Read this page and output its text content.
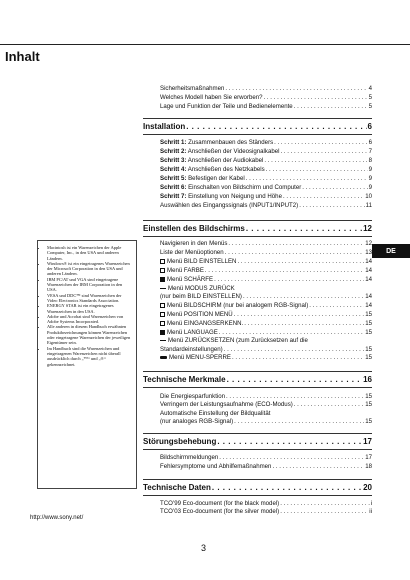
Inhalt
Sicherheitsmaßnahmen . . .	4
Welches Modell haben Sie erworben? . . .	5
Lage und Funktion der Teile und Bedienelemente . . .	5
Installation . . .	6
Schritt 1: Zusammenbauen des Ständers . . .	6
Schritt 2: Anschließen der Videosignalkabel . . .	7
Schritt 3: Anschließen der Audiokabel . . .	8
Schritt 4: Anschließen des Netzkabels . . .	9
Schritt 5: Befestigen der Kabel . . .	9
Schritt 6: Einschalten von Bildschirm und Computer . . .	9
Schritt 7: Einstellung von Neigung und Höhe . . .	10
Auswählen des Eingangssignals (INPUT1/INPUT2) . . .	11
Einstellen des Bildschirms . . .	12
Navigieren in den Menüs . . .	12
Liste der Menüoptionen . . .	13
Menü BILD EINSTELLEN . . .	14
Menü FARBE . . .	14
Menü SCHÄRFE . . .	14
Menü MODUS ZURÜCK
(nur beim BILD EINSTELLEN) . . .	14
Menü BILDSCHIRM (nur bei analogem RGB-Signal) . . .	14
Menü POSITION MENÜ . . .	15
Menü EINGANGSERKENN. . . .	15
Menü LANGUAGE . . .	15
Menü ZURÜCKSETZEN (zum Zurücksetzen auf die
Standardeinstellungen) . . .	15
Menü MENU-SPERRE . . .	15
Technische Merkmale . . .	16
Die Energiesparfunktion . . .	15
Verringern der Leistungsaufnahme (ECO-Modus) . . .	15
Automatische Einstellung der Bildqualität
(nur analoges RGB-Signal) . . .	15
Störungsbehebung . . .	17
Bildschirmmeldungen . . .	17
Fehlersymptome und Abhilfemaßnahmen . . .	18
Technische Daten . . .	20
TCO’99 Eco-document (for the black model) . . .	i
TCO’03 Eco-document (for the silver model) . . .	ii
DE
• Macintosh ist ein Warenzeichen der Apple Computer, Inc., in den USA und anderen Ländern.
• Windows® ist ein eingetragenes Warenzeichen der Microsoft Corporation in den USA und anderen Ländern.
• IBM PC/AT und VGA sind eingetragene Warenzeichen der IBM Corporation in den USA.
• VESA und DDC™ sind Warenzeichen der Video Electronics Standards Association.
• ENERGY STAR ist ein eingetragenes Warenzeichen in den USA.
• Adobe und Acrobat sind Warenzeichen von Adobe Systems Incorporated.
• Alle anderen in diesem Handbuch erwähnten Produktbezeichnungen können Warenzeichen oder eingetragene Warenzeichen der jeweiligen Eigentümer sein.
• Im Handbuch sind die Warenzeichen und eingetragenen Warenzeichen nicht überall ausdrücklich durch „™“ und „®“ gekennzeichnet.
http://www.sony.net/
3
